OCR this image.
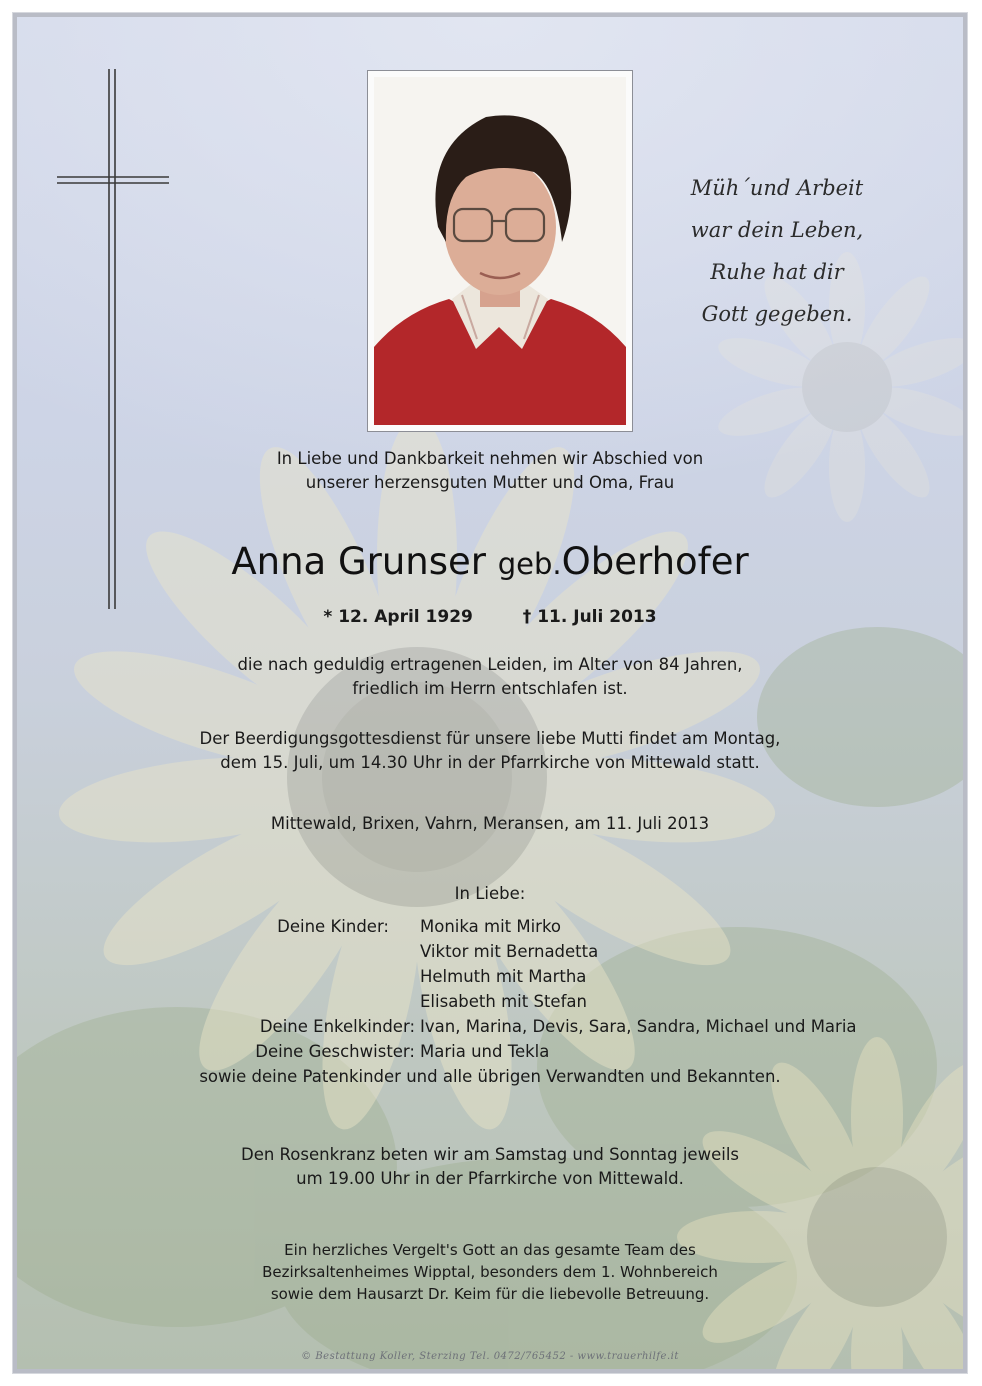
Müh´und Arbeit
war dein Leben,
Ruhe hat dir
Gott gegeben.
In Liebe und Dankbarkeit nehmen wir Abschied von
unserer herzensguten Mutter und Oma, Frau
Anna Grunser geb.Oberhofer
* 12. April 1929	† 11. Juli 2013
die nach geduldig ertragenen Leiden, im Alter von 84 Jahren,
friedlich im Herrn entschlafen ist.
Der Beerdigungsgottesdienst für unsere liebe Mutti findet am Montag,
dem 15. Juli, um 14.30 Uhr in der Pfarrkirche von Mittewald statt.
Mittewald, Brixen, Vahrn, Meransen, am 11. Juli 2013
In Liebe:
Deine Kinder: Monika mit Mirko
Viktor mit Bernadetta
Helmuth mit Martha
Elisabeth mit Stefan
Deine Enkelkinder: Ivan, Marina, Devis, Sara, Sandra, Michael und Maria
Deine Geschwister: Maria und Tekla
sowie deine Patenkinder und alle übrigen Verwandten und Bekannten.
Den Rosenkranz beten wir am Samstag und Sonntag jeweils
um 19.00 Uhr in der Pfarrkirche von Mittewald.
Ein herzliches Vergelt's Gott an das gesamte Team des
Bezirksaltenheimes Wipptal, besonders dem 1. Wohnbereich
sowie dem Hausarzt Dr. Keim für die liebevolle Betreuung.
© Bestattung Koller, Sterzing Tel. 0472/765452 - www.trauerhilfe.it
